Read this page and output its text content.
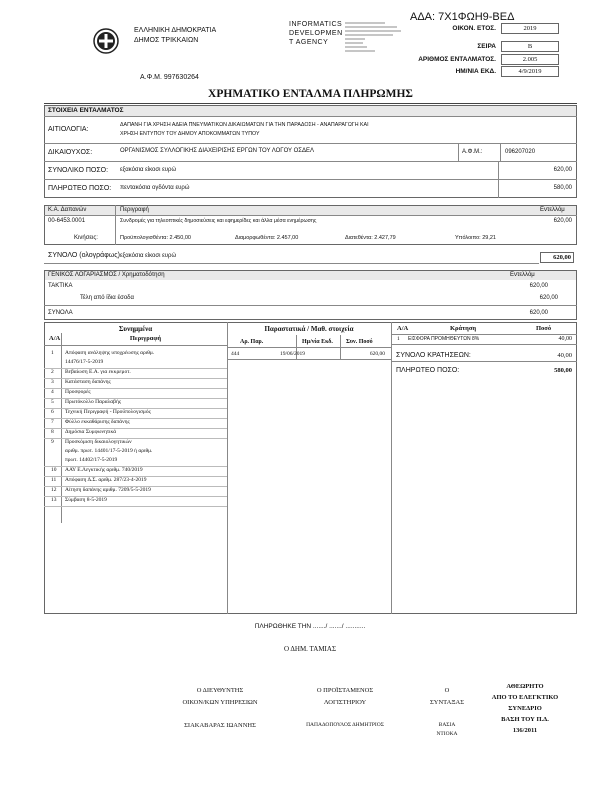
ΕΛΛΗΝΙΚΗ ΔΗΜΟΚΡΑΤΙΑ
ΔΗΜΟΣ ΤΡΙΚΚΑΙΩΝ
Α.Φ.Μ. 997630264
INFORMATICS
DEVELOPMEN
T AGENCY
ΑΔΑ: 7Χ1ΦΩΗ9-ΒΕΔ
ΟΙΚΟΝ. ΕΤΟΣ.	2019
ΣΕΙΡΑ	Β
ΑΡΙΘΜΟΣ ΕΝΤΑΛΜΑΤΟΣ.	2.005
ΗΜ/ΝΙΑ ΕΚΔ.	4/9/2019
ΧΡΗΜΑΤΙΚΟ ΕΝΤΑΛΜΑ ΠΛΗΡΩΜΗΣ
ΣΤΟΙΧΕΙΑ ΕΝΤΑΛΜΑΤΟΣ
ΑΙΤΙΟΛΟΓΙΑ:
ΔΑΠΑΝΗ ΓΙΑ ΧΡΗΣΗ ΑΔΕΙΑ ΠΝΕΥΜΑΤΙΚΩΝ ΔΙΚΑΙΩΜΑΤΩΝ ΓΙΑ ΤΗΝ ΠΑΡΑΔΟΣΗ - ΑΝΑΠΑΡΑΓΩΓΗ ΚΑΙ
ΧΡΗΣΗ ΕΝΤΥΠΟΥ ΤΟΥ ΔΗΜΟΥ ΑΠΟΚΟΜΜΑΤΩΝ ΤΥΠΟΥ
ΔΙΚΑΙΟΥΧΟΣ:	ΟΡΓΑΝΙΣΜΟΣ ΣΥΛΛΟΓΙΚΗΣ ΔΙΑΧΕΙΡΙΣΗΣ ΕΡΓΩΝ ΤΟΥ ΛΟΓΟΥ ΟΣΔΕΛ	Α.Φ.Μ.:	096207020
ΣΥΝΟΛΙΚΟ ΠΟΣΟ: εξακόσια είκοσι ευρώ	620,00
ΠΛΗΡΩΤΕΟ ΠΟΣΟ: πεντακόσια ογδόντα ευρώ	580,00
Κ.Α. Δαπανών	Περιγραφή	Εντελλόμ
00-6453.0001	Συνδρομές για τηλεοπτικές δημοσιεύσεις και εφημερίδες και άλλα μέσα ενημέρωσης	620,00
Κινήσεις:	Προϋπολογισθέντα: 2.450,00	Διαμορφωθέντα: 2.457,00	Διατεθέντα: 2.427,79	Υπόλοιπο: 29,21
ΣΥΝΟΛΟ (ολογράφως) εξακόσια είκοσι ευρώ	620,00
ΓΕΝΙΚΟΣ ΛΟΓΑΡΙΑΣΜΟΣ / Χρηματοδότηση	Εντελλόμ
ΤΑΚΤΙΚΑ	620,00
Τέλη από ίδια έσοδα	620,00
ΣΥΝΟΛΑ	620,00
Συνημμένα
Α/Α	Περιγραφή
1 Απόφαση ανάληψης υποχρέωσης αριθμ.
14476/17-5-2019
2 Βεβαίωση Ε.Α. για εκκρεμοτ.
3 Κατάσταση δαπάνης
4 Προσφορές
5 Πρωτόκολλο Παραλαβής
6 Τεχνική Περιγραφή - Προϋπολογισμός
7 Φύλλο εκκαθάρισης δαπάνης
8 Δημόσια Συμφωνητικά
9 Προσκόμιση δικαιολογητικών
αριθμ. πρωτ. 14401/17-5-2019 ή αριθμ.
πρωτ. 14402/17-5-2019
10 ΑΑΥ Ε.Λεγκτικής αριθμ. 740/2019
11 Απόφαση Δ.Σ. αριθμ. 287/23-4-2019
12 Αίτηση δαπάνης αριθμ. 7209/5-5-2019
13 Σύμβαση 8-5-2019
Παραστατικά / Μαθ. στοιχεία
Αρ. Παρ.	Ημ/νία Εκδ. Συν. Ποσό
444	19/06/2019	620,00
Α/Α	Κράτηση	Ποσό
1 ΕΙΣΦΟΡΑ ΠΡΟΜΗΘΕΥΤΩΝ 8%	40,00
ΣΥΝΟΛΟ ΚΡΑΤΗΣΕΩΝ:	40,00
ΠΛΗΡΩΤΕΟ ΠΟΣΟ:	580,00
ΠΛΗΡΩΘΗΚΕ ΤΗΝ ......./ ......./ ...........
Ο ΔΗΜ. ΤΑΜΙΑΣ
Ο ΔΙΕΥΘΥΝΤΗΣ
ΟΙΚΟΝ/ΚΩΝ ΥΠΗΡΕΣΙΩΝ
ΣΙΑΚΑΒΑΡΑΣ ΙΩΑΝΝΗΣ
Ο ΠΡΟΪΣΤΑΜΕΝΟΣ
ΛΟΓΙΣΤΗΡΙΟΥ
ΠΑΠΑΔΟΠΟΥΛΟΣ ΔΗΜΗΤΡΙΟΣ
Ο
ΣΥΝΤΑΞΑΣ
ΒΑΣΙΑ
ΝΤΙΟΚΑ
ΑΘΕΩΡΗΤΟ
ΑΠΟ ΤΟ ΕΛΕΓΚΤΙΚΟ
ΣΥΝΕΔΡΙΟ
ΒΑΣΗ ΤΟΥ Π.Δ.
136/2011
